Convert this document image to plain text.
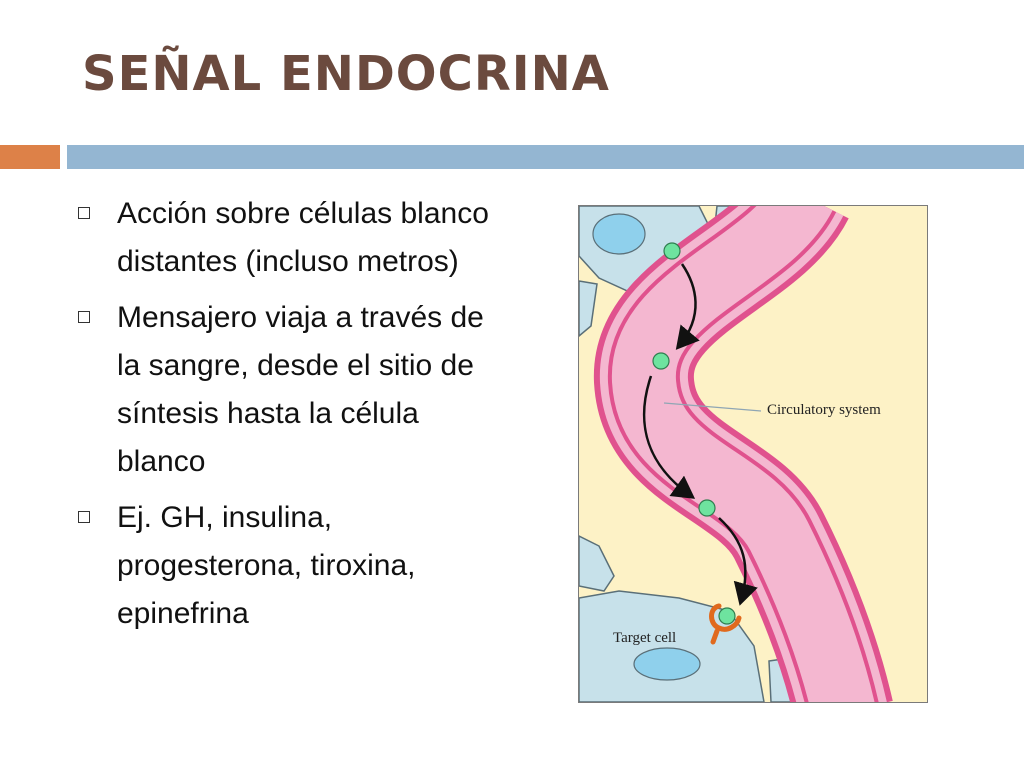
SEÑAL ENDOCRINA
Acción sobre células blanco distantes (incluso metros)
Mensajero viaja a través de la sangre, desde el sitio de síntesis hasta la célula blanco
Ej. GH, insulina, progesterona, tiroxina, epinefrina
Circulatory system
Target cell
